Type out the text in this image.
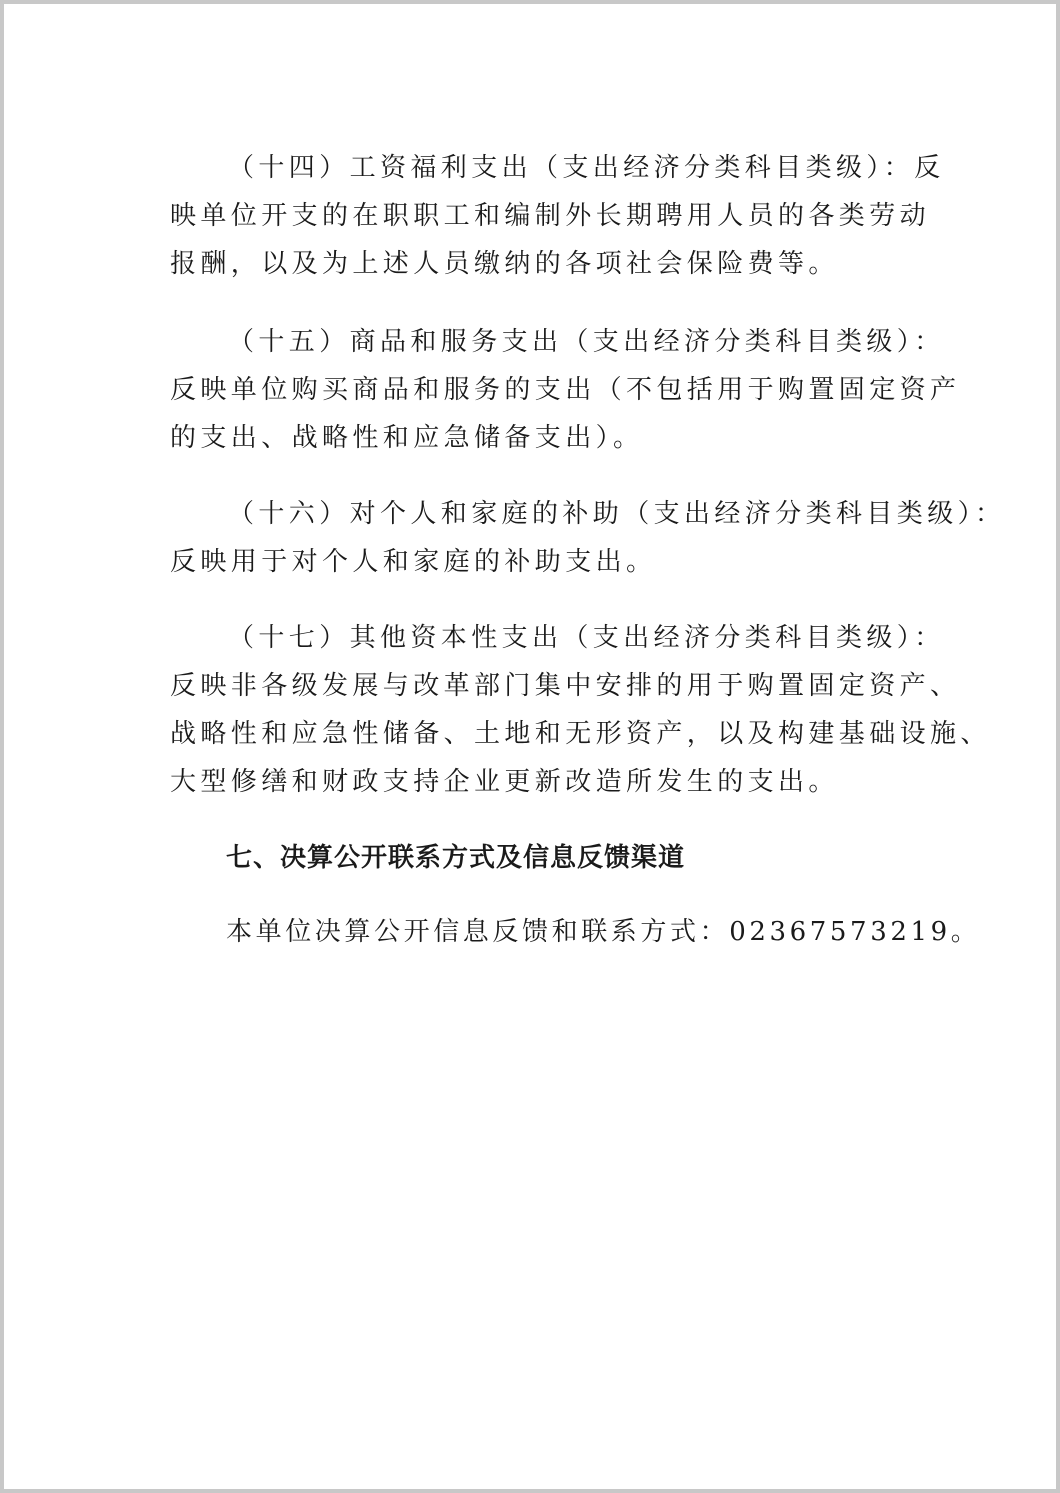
（十四）工资福利支出（支出经济分类科目类级）：反
映单位开支的在职职工和编制外长期聘用人员的各类劳动
报酬，以及为上述人员缴纳的各项社会保险费等。
（十五）商品和服务支出（支出经济分类科目类级）：
反映单位购买商品和服务的支出（不包括用于购置固定资产
的支出、战略性和应急储备支出）。
（十六）对个人和家庭的补助（支出经济分类科目类级）：
反映用于对个人和家庭的补助支出。
（十七）其他资本性支出（支出经济分类科目类级）：
反映非各级发展与改革部门集中安排的用于购置固定资产、
战略性和应急性储备、土地和无形资产，以及构建基础设施、
大型修缮和财政支持企业更新改造所发生的支出。
七、决算公开联系方式及信息反馈渠道

本单位决算公开信息反馈和联系方式：02367573219。
